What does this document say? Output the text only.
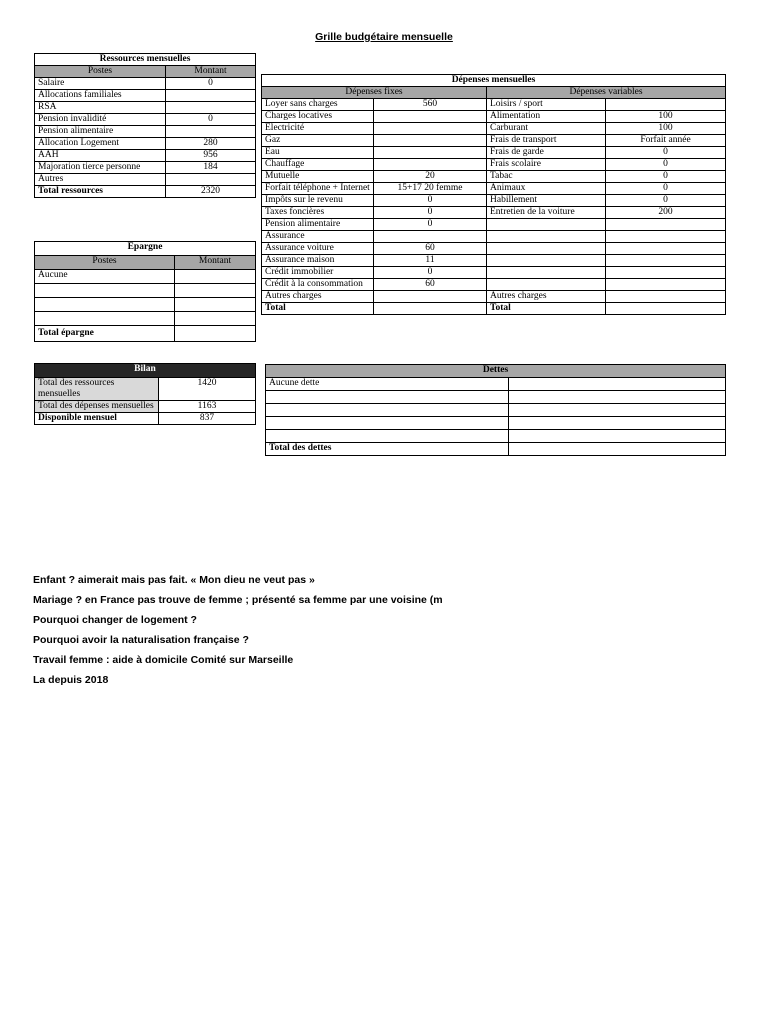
Grille budgétaire mensuelle
Ressources mensuelles	
Postes	Montant
Salaire	0
Allocations familiales	
RSA	
Pension invalidité	0
Pension alimentaire	
Allocation Logement	280
AAH	956
Majoration tierce personne	184
Autres	
Total ressources	2320
Dépenses mensuelles			
Dépenses fixes		Dépenses variables	
Loyer sans charges	560	Loisirs / sport	
Charges locatives		Alimentation	100
Electricité		Carburant	100
Gaz		Frais de transport	Forfait année
Eau		Frais de garde	0
Chauffage		Frais scolaire	0
Mutuelle	20	Tabac	0
Forfait téléphone + Internet	15+17 20 femme	Animaux	0
Impôts sur le revenu	0	Habillement	0
Taxes foncières	0	Entretien de la voiture	200
Pension alimentaire	0		
Assurance			
Assurance voiture	60		
Assurance maison	11		
Crédit immobilier	0		
Crédit à la consommation	60		
Autres charges		Autres charges	
Total		Total	
Epargne	
Postes	Montant
Aucune	

Total épargne	
Bilan	
Total des ressources mensuelles	1420
Total des dépenses mensuelles	1163
Disponible mensuel	837
Dettes	
Aucune dette	

Total des dettes	
Enfant ? aimerait mais pas fait. « Mon dieu ne veut pas »
Mariage ? en France pas trouve de femme ; présenté sa femme par une voisine (m
Pourquoi changer de logement ?
Pourquoi avoir la naturalisation française ?
Travail femme : aide à domicile Comité sur Marseille
La depuis 2018
